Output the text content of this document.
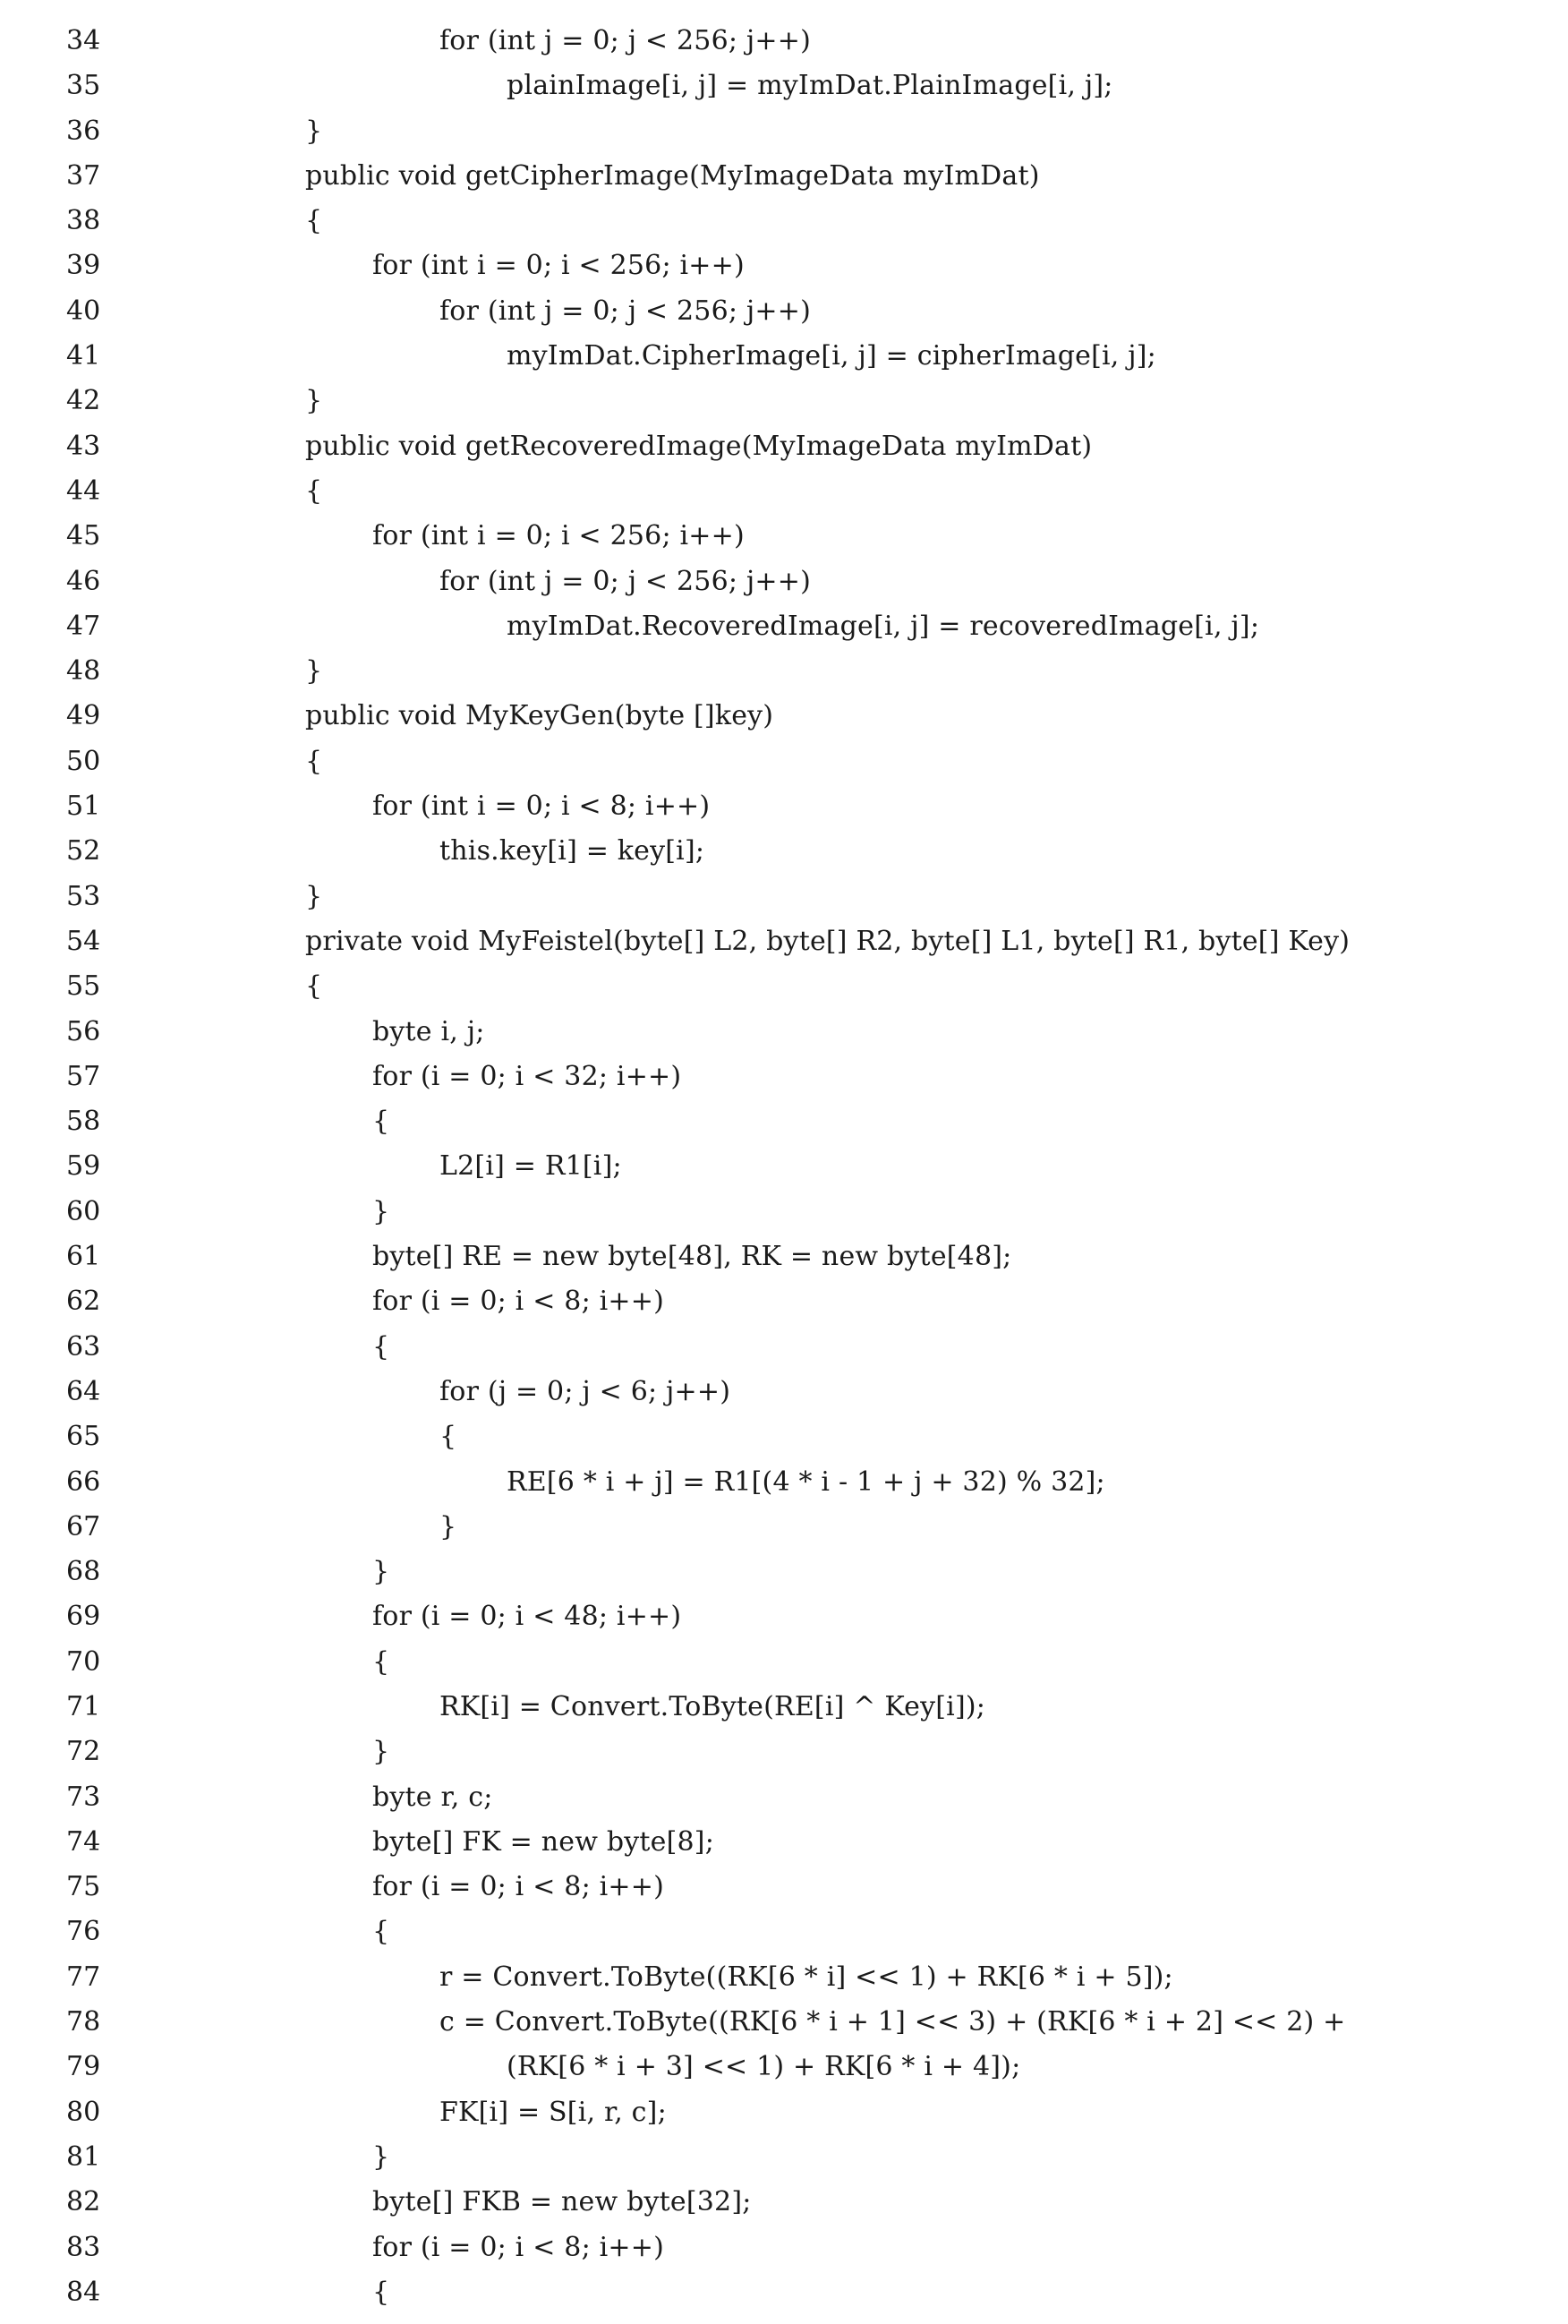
34	for (int j = 0; j < 256; j++)
35	plainImage[i, j] = myImDat.PlainImage[i, j];
36	}
37	public void getCipherImage(MyImageData myImDat)
38	{
39	for (int i = 0; i < 256; i++)
40	for (int j = 0; j < 256; j++)
41	myImDat.CipherImage[i, j] = cipherImage[i, j];
42	}
43	public void getRecoveredImage(MyImageData myImDat)
44	{
45	for (int i = 0; i < 256; i++)
46	for (int j = 0; j < 256; j++)
47	myImDat.RecoveredImage[i, j] = recoveredImage[i, j];
48	}
49	public void MyKeyGen(byte []key)
50	{
51	for (int i = 0; i < 8; i++)
52	this.key[i] = key[i];
53	}
54	private void MyFeistel(byte[] L2, byte[] R2, byte[] L1, byte[] R1, byte[] Key)
55	{
56	byte i, j;
57	for (i = 0; i < 32; i++)
58	{
59	L2[i] = R1[i];
60	}
61	byte[] RE = new byte[48], RK = new byte[48];
62	for (i = 0; i < 8; i++)
63	{
64	for (j = 0; j < 6; j++)
65	{
66	RE[6 * i + j] = R1[(4 * i - 1 + j + 32) % 32];
67	}
68	}
69	for (i = 0; i < 48; i++)
70	{
71	RK[i] = Convert.ToByte(RE[i] ^ Key[i]);
72	}
73	byte r, c;
74	byte[] FK = new byte[8];
75	for (i = 0; i < 8; i++)
76	{
77	r = Convert.ToByte((RK[6 * i] << 1) + RK[6 * i + 5]);
78	c = Convert.ToByte((RK[6 * i + 1] << 3) + (RK[6 * i + 2] << 2) +
79	(RK[6 * i + 3] << 1) + RK[6 * i + 4]);
80	FK[i] = S[i, r, c];
81	}
82	byte[] FKB = new byte[32];
83	for (i = 0; i < 8; i++)
84	{
